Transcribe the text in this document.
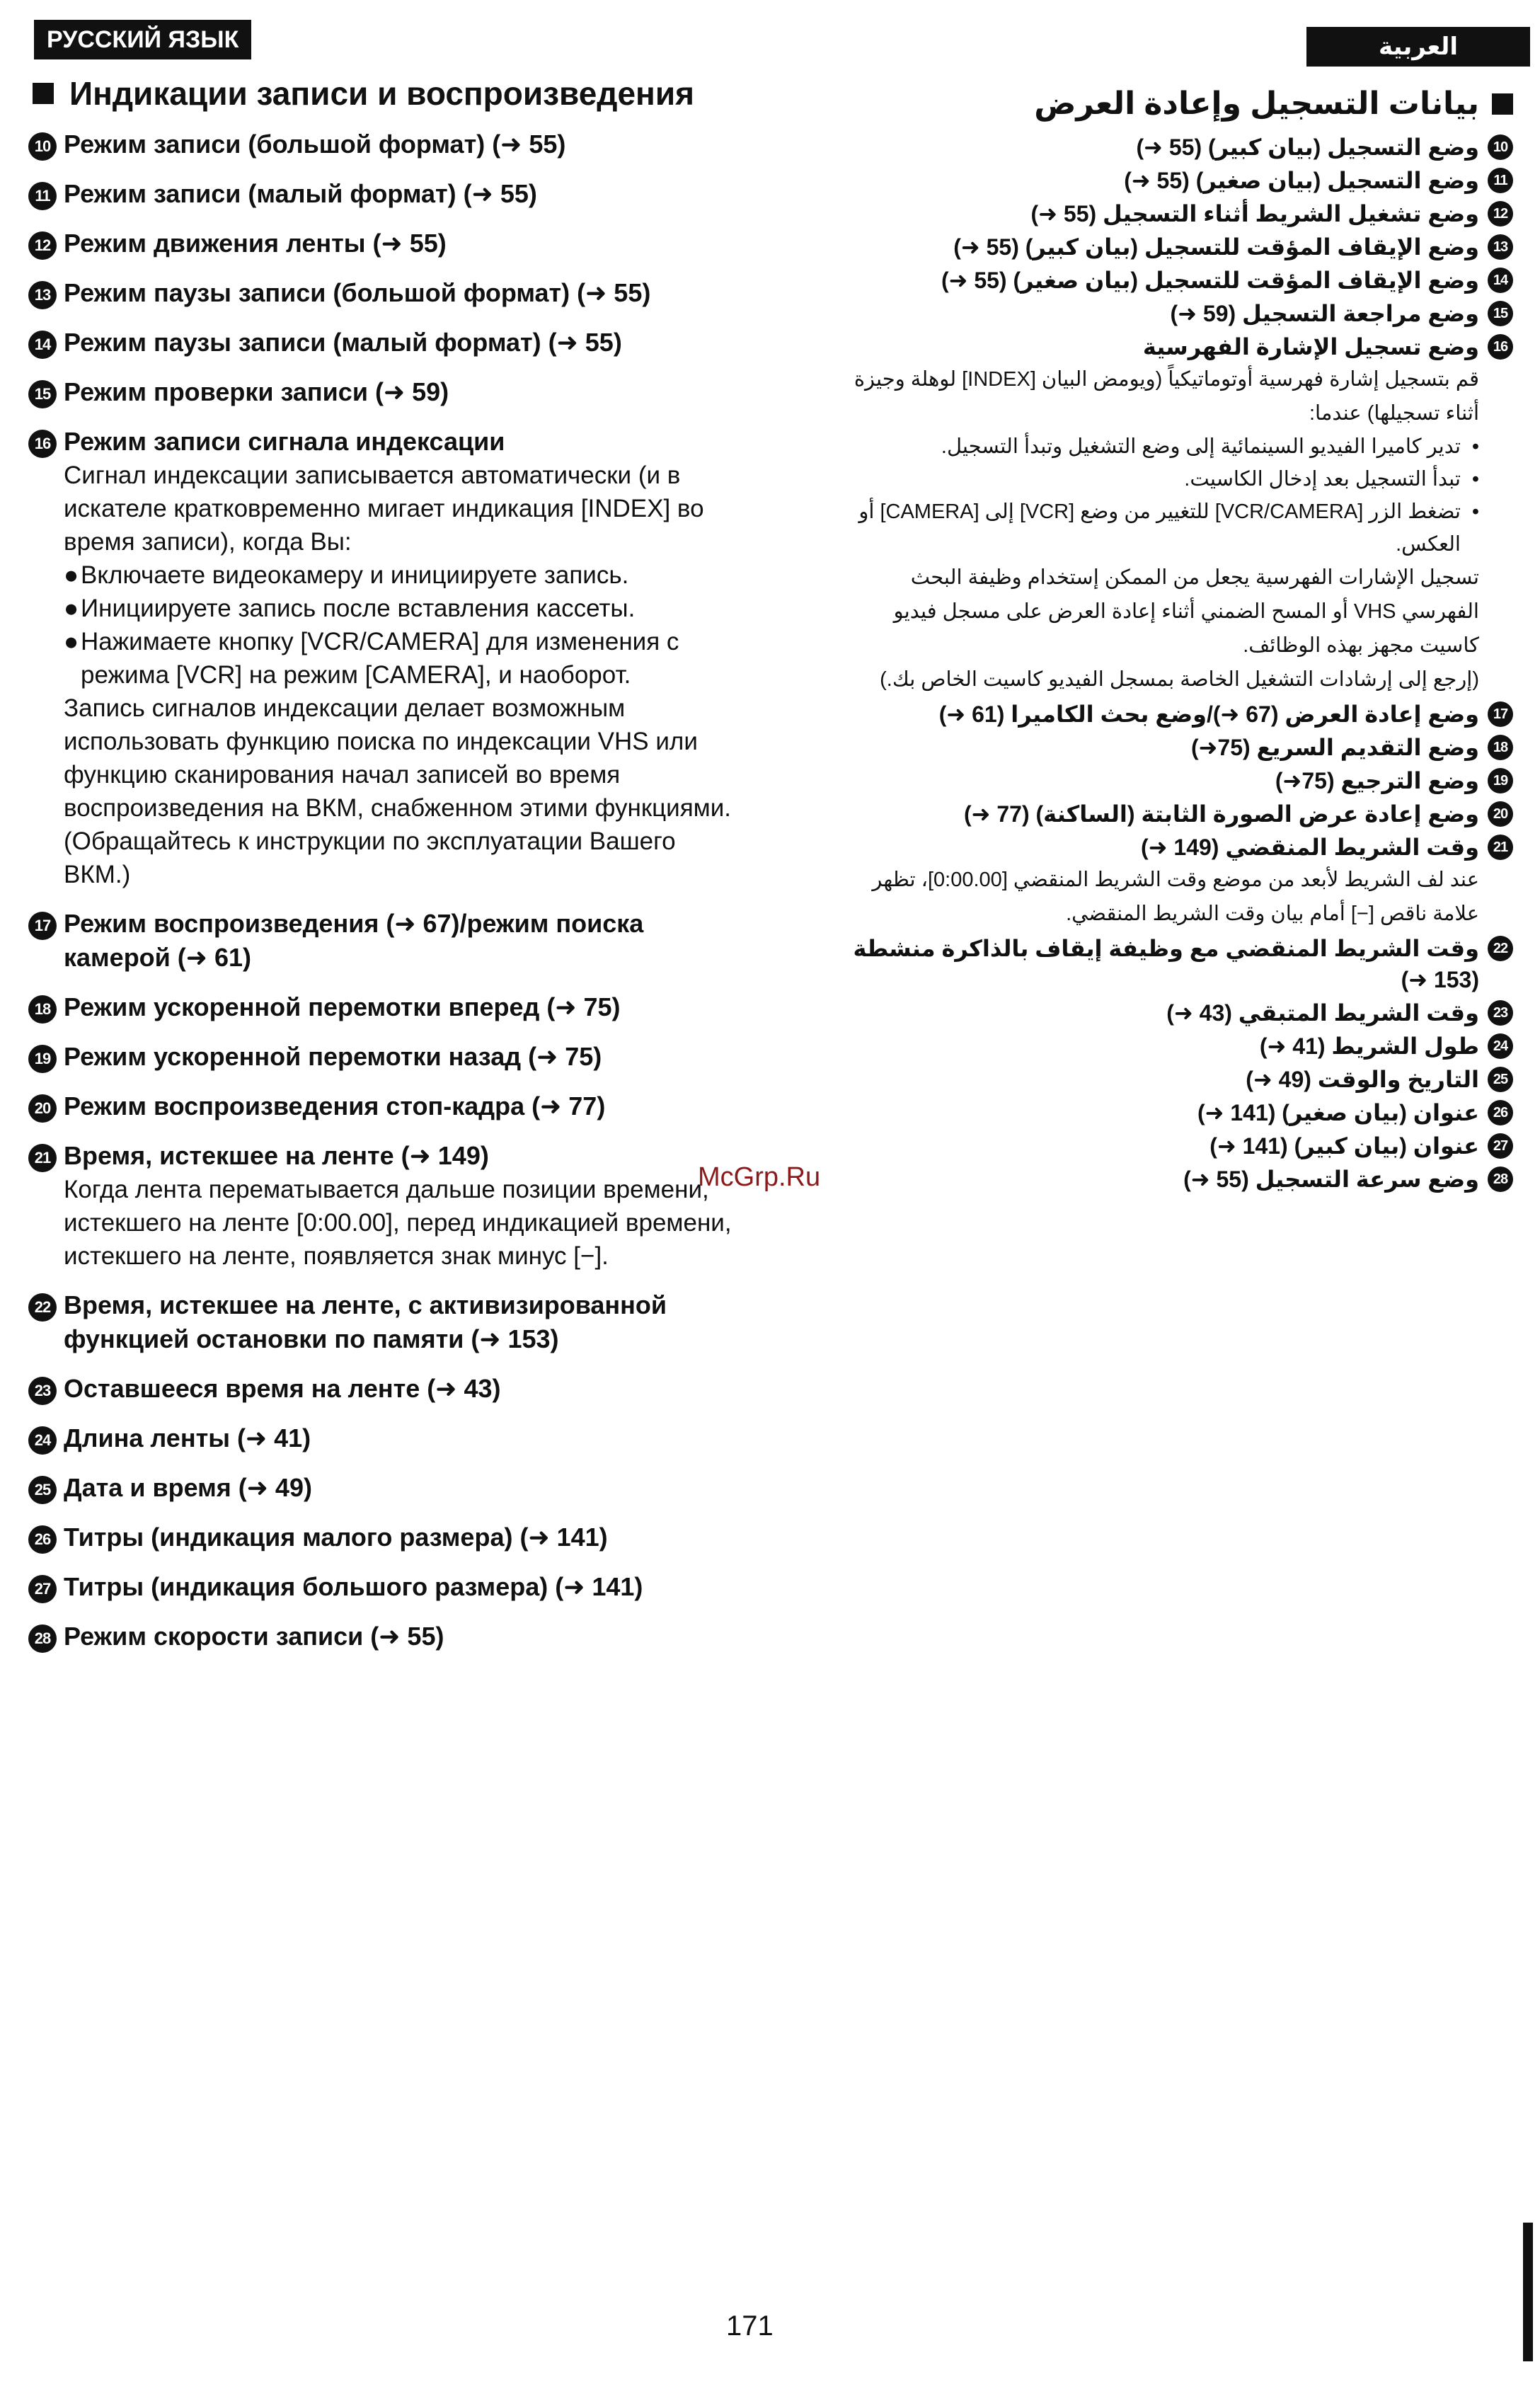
РУССКИЙ ЯЗЫК	العربية
Индикации записи и воспроизведения
10 Режим записи (большой формат) (➜ 55)
11 Режим записи (малый формат) (➜ 55)
12 Режим движения ленты (➜ 55)
13 Режим паузы записи (большой формат) (➜ 55)
14 Режим паузы записи (малый формат) (➜ 55)
15 Режим проверки записи (➜ 59)
16 Режим записи сигнала индексации
Сигнал индексации записывается автоматически (и в искателе кратковременно мигает индикация [INDEX] во время записи), когда Вы:
● Включаете видеокамеру и инициируете запись.
● Инициируете запись после вставления кассеты.
● Нажимаете кнопку [VCR/CAMERA] для изменения с режима [VCR] на режим [CAMERA], и наоборот.
Запись сигналов индексации делает возможным использовать функцию поиска по индексации VHS или функцию сканирования начал записей во время воспроизведения на ВКМ, снабженном этими функциями.
(Обращайтесь к инструкции по эксплуатации Вашего ВКМ.)
17 Режим воспроизведения (➜ 67)/режим поиска камерой (➜ 61)
18 Режим ускоренной перемотки вперед (➜ 75)
19 Режим ускоренной перемотки назад (➜ 75)
20 Режим воспроизведения стоп-кадра (➜ 77)
21 Время, истекшее на ленте (➜ 149)
Когда лента перематывается дальше позиции времени, истекшего на ленте [0:00.00], перед индикацией времени, истекшего на ленте, появляется знак минус [−].
22 Время, истекшее на ленте, с активизированной функцией остановки по памяти (➜ 153)
23 Оставшееся время на ленте (➜ 43)
24 Длина ленты (➜ 41)
25 Дата и время (➜ 49)
26 Титры (индикация малого размера) (➜ 141)
27 Титры (индикация большого размера) (➜ 141)
28 Режим скорости записи (➜ 55)
بيانات التسجيل وإعادة العرض
10
وضع التسجيل (بيان كبير) (55 ➜)
11
وضع التسجيل (بيان صغير) (55 ➜)
12
وضع تشغيل الشريط أثناء التسجيل (55 ➜)
13
وضع الإيقاف المؤقت للتسجيل (بيان كبير) (55 ➜)
14
وضع الإيقاف المؤقت للتسجيل (بيان صغير) (55 ➜)
15
وضع مراجعة التسجيل (59 ➜)
16
وضع تسجيل الإشارة الفهرسية
قم بتسجيل إشارة فهرسية أوتوماتيكياً (ويومض البيان [INDEX] لوهلة وجيزة أثناء تسجيلها) عندما:
•
تدير كاميرا الفيديو السينمائية إلى وضع التشغيل وتبدأ التسجيل.
•
تبدأ التسجيل بعد إدخال الكاسيت.
•
تضغط الزر [VCR/CAMERA] للتغيير من وضع [VCR] إلى [CAMERA] أو العكس.
تسجيل الإشارات الفهرسية يجعل من الممكن إستخدام وظيفة البحث الفهرسي VHS أو المسح الضمني أثناء إعادة العرض على مسجل فيديو كاسيت مجهز بهذه الوظائف.
(إرجع إلى إرشادات التشغيل الخاصة بمسجل الفيديو كاسيت الخاص بك.)
17
وضع إعادة العرض (67 ➜)/وضع بحث الكاميرا (61 ➜)
18
وضع التقديم السريع (75➜)
19
وضع الترجيع (75➜)
20
وضع إعادة عرض الصورة الثابتة (الساكنة) (77 ➜)
21
وقت الشريط المنقضي (149 ➜)
عند لف الشريط لأبعد من موضع وقت الشريط المنقضي [0:00.00]، تظهر علامة ناقص [−] أمام بيان وقت الشريط المنقضي.
22
وقت الشريط المنقضي مع وظيفة إيقاف بالذاكرة منشطة (153 ➜)
23
وقت الشريط المتبقي (43 ➜)
24
طول الشريط (41 ➜)
25
التاريخ والوقت (49 ➜)
26
عنوان (بيان صغير) (141 ➜)
27
عنوان (بيان كبير) (141 ➜)
28
وضع سرعة التسجيل (55 ➜)
McGrp.Ru
171
